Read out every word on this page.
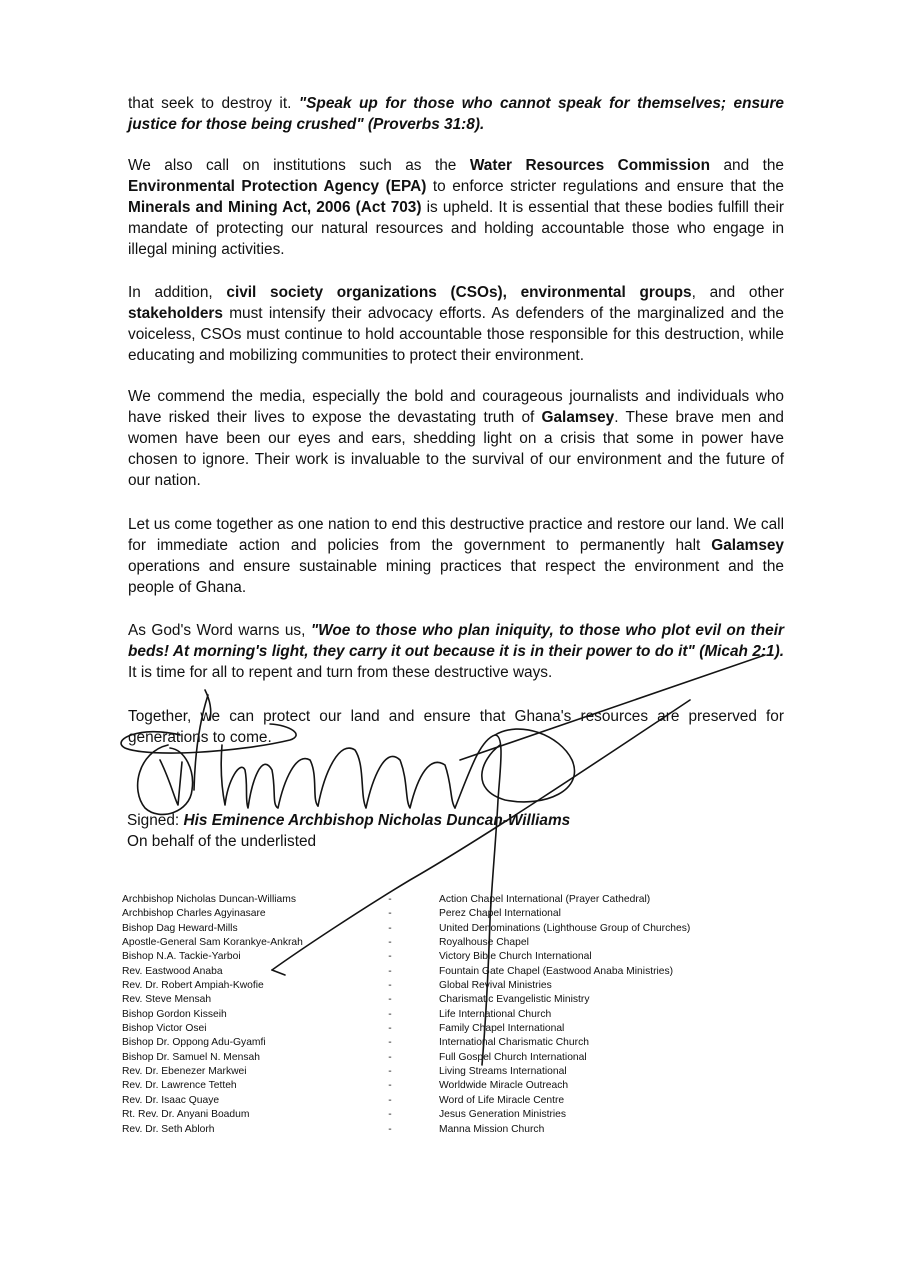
that seek to destroy it. "Speak up for those who cannot speak for themselves; ensure justice for those being crushed" (Proverbs 31:8).

We also call on institutions such as the Water Resources Commission and the Environmental Protection Agency (EPA) to enforce stricter regulations and ensure that the Minerals and Mining Act, 2006 (Act 703) is upheld. It is essential that these bodies fulfill their mandate of protecting our natural resources and holding accountable those who engage in illegal mining activities.

In addition, civil society organizations (CSOs), environmental groups, and other stakeholders must intensify their advocacy efforts. As defenders of the marginalized and the voiceless, CSOs must continue to hold accountable those responsible for this destruction, while educating and mobilizing communities to protect their environment.

We commend the media, especially the bold and courageous journalists and individuals who have risked their lives to expose the devastating truth of Galamsey. These brave men and women have been our eyes and ears, shedding light on a crisis that some in power have chosen to ignore. Their work is invaluable to the survival of our environment and the future of our nation.

Let us come together as one nation to end this destructive practice and restore our land. We call for immediate action and policies from the government to permanently halt Galamsey operations and ensure sustainable mining practices that respect the environment and the people of Ghana.

As God's Word warns us, "Woe to those who plan iniquity, to those who plot evil on their beds! At morning's light, they carry it out because it is in their power to do it" (Micah 2:1). It is time for all to repent and turn from these destructive ways.

Together, we can protect our land and ensure that Ghana's resources are preserved for generations to come.

Signed: His Eminence Archbishop Nicholas Duncan-Williams
On behalf of the underlisted
Archbishop Nicholas Duncan-Williams
Archbishop Charles Agyinasare
Bishop Dag Heward-Mills
Apostle-General Sam Korankye-Ankrah
Bishop N.A. Tackie-Yarboi
Rev. Eastwood Anaba
Rev. Dr. Robert Ampiah-Kwofie
Rev. Steve Mensah
Bishop Gordon Kisseih
Bishop Victor Osei
Bishop Dr. Oppong Adu-Gyamfi
Bishop Dr. Samuel N. Mensah
Rev. Dr. Ebenezer Markwei
Rev. Dr. Lawrence Tetteh
Rev. Dr. Isaac Quaye
Rt. Rev. Dr. Anyani Boadum
Rev. Dr. Seth Ablorh
-
-
-
-
-
-
-
-
-
-
-
-
-
-
-
-
-
Action Chapel International (Prayer Cathedral)
Perez Chapel International
United Denominations (Lighthouse Group of Churches)
Royalhouse Chapel
Victory Bible Church International
Fountain Gate Chapel (Eastwood Anaba Ministries)
Global Revival Ministries
Charismatic Evangelistic Ministry
Life International Church
Family Chapel International
International Charismatic Church
Full Gospel Church International
Living Streams International
Worldwide Miracle Outreach
Word of Life Miracle Centre
Jesus Generation Ministries
Manna Mission Church
